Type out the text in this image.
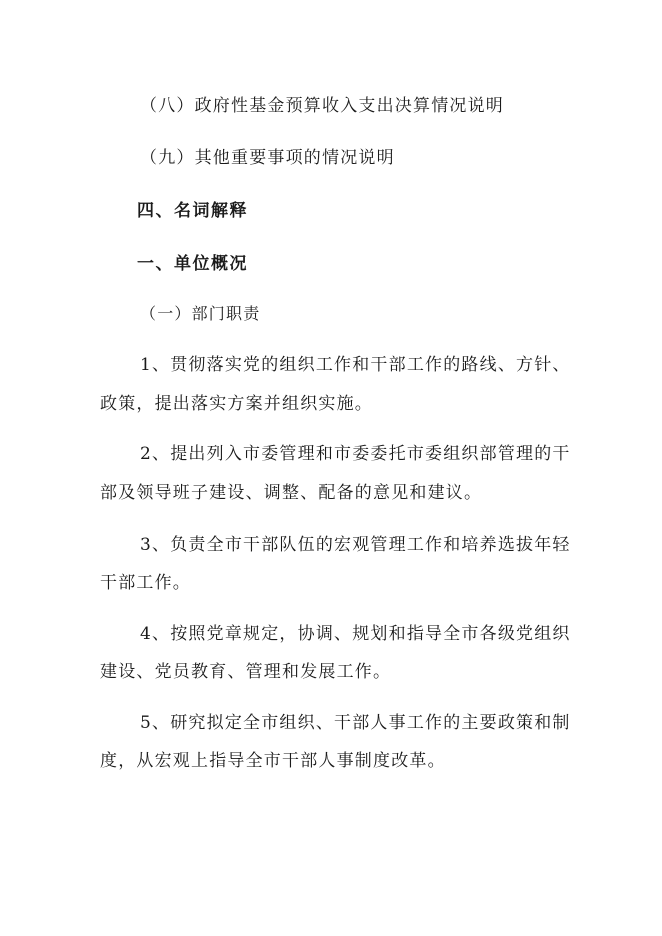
（八）政府性基金预算收入支出决算情况说明
（九）其他重要事项的情况说明
四、名词解释
一、单位概况
（一）部门职责
1、贯彻落实党的组织工作和干部工作的路线、方针、
政策，提出落实方案并组织实施。
2、提出列入市委管理和市委委托市委组织部管理的干
部及领导班子建设、调整、配备的意见和建议。
3、负责全市干部队伍的宏观管理工作和培养选拔年轻
干部工作。
4、按照党章规定，协调、规划和指导全市各级党组织
建设、党员教育、管理和发展工作。
5、研究拟定全市组织、干部人事工作的主要政策和制
度，从宏观上指导全市干部人事制度改革。
